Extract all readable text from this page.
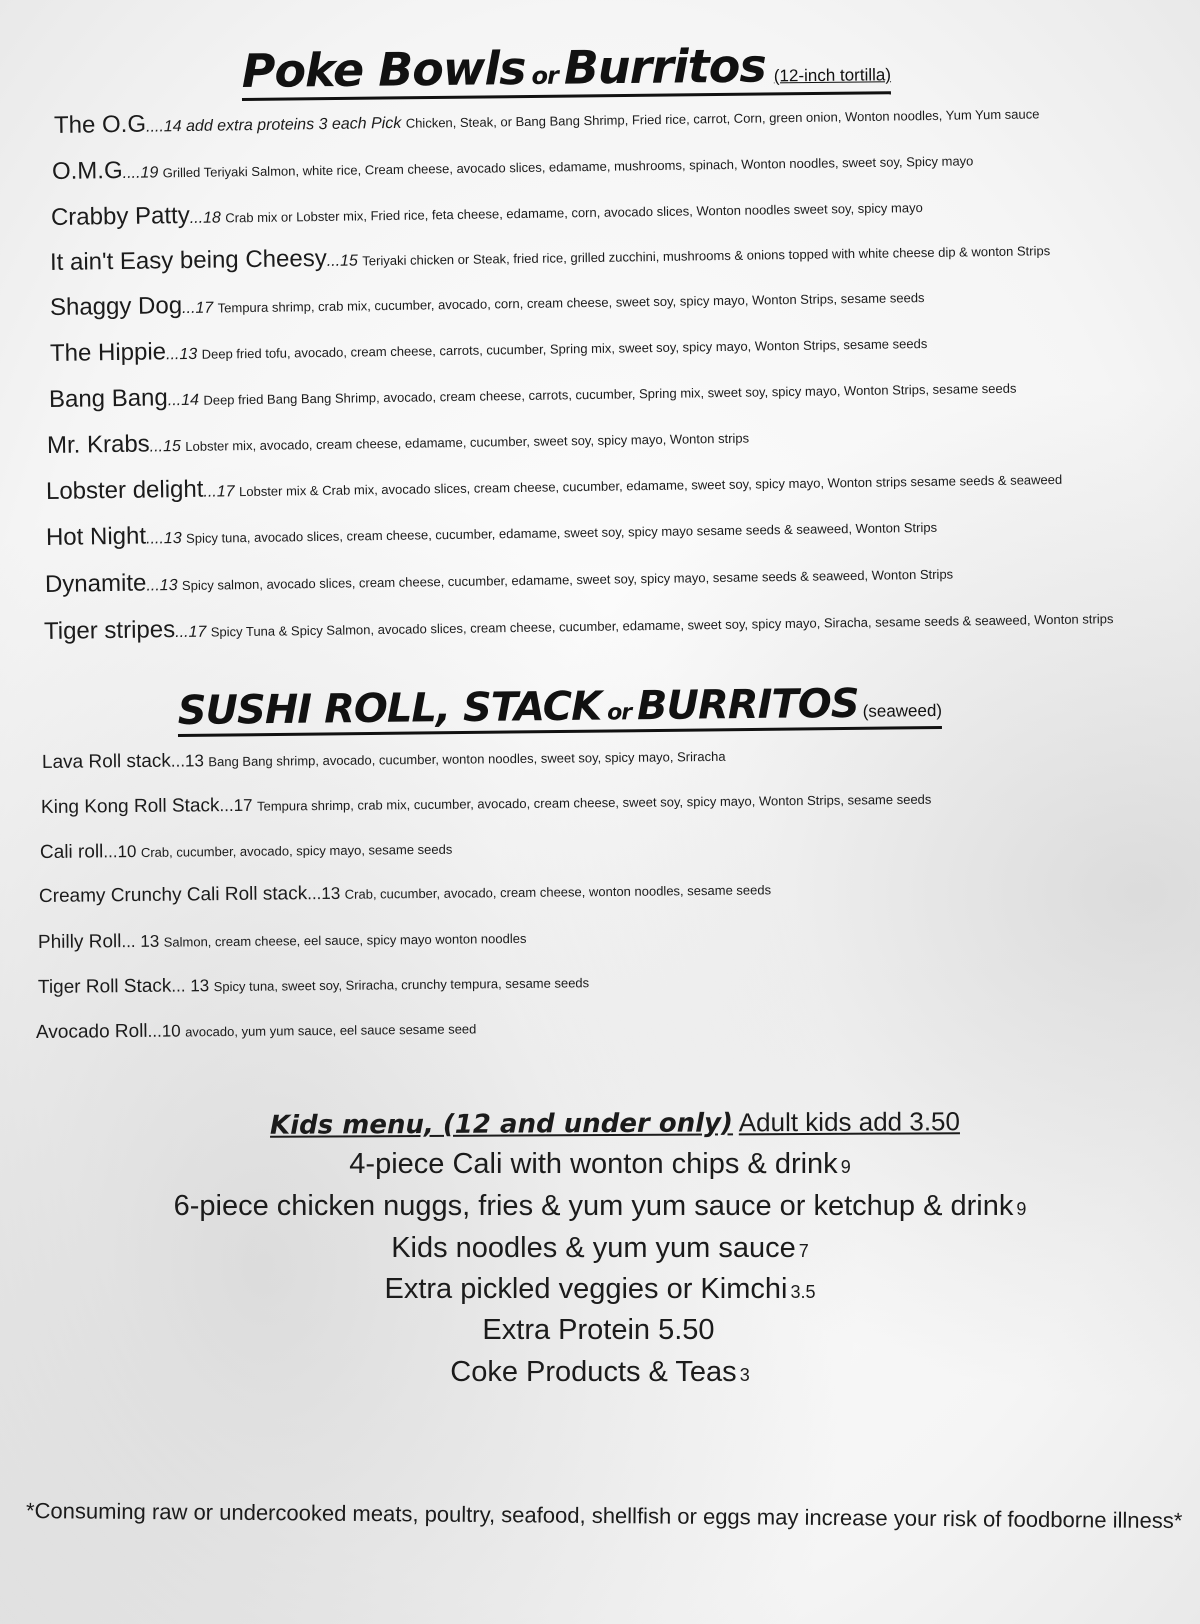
Poke Bowls or Burritos (12-inch tortilla)
The O.G....14 add extra proteins 3 each Pick Chicken, Steak, or Bang Bang Shrimp, Fried rice, carrot, Corn, green onion, Wonton noodles, Yum Yum sauce
O.M.G....19 Grilled Teriyaki Salmon, white rice, Cream cheese, avocado slices, edamame, mushrooms, spinach, Wonton noodles, sweet soy, Spicy mayo
Crabby Patty...18 Crab mix or Lobster mix, Fried rice, feta cheese, edamame, corn, avocado slices, Wonton noodles sweet soy, spicy mayo
It ain't Easy being Cheesy...15 Teriyaki chicken or Steak, fried rice, grilled zucchini, mushrooms & onions topped with white cheese dip & wonton Strips
Shaggy Dog...17 Tempura shrimp, crab mix, cucumber, avocado, corn, cream cheese, sweet soy, spicy mayo, Wonton Strips, sesame seeds
The Hippie...13 Deep fried tofu, avocado, cream cheese, carrots, cucumber, Spring mix, sweet soy, spicy mayo, Wonton Strips, sesame seeds
Bang Bang...14 Deep fried Bang Bang Shrimp, avocado, cream cheese, carrots, cucumber, Spring mix, sweet soy, spicy mayo, Wonton Strips, sesame seeds
Mr. Krabs...15 Lobster mix, avocado, cream cheese, edamame, cucumber, sweet soy, spicy mayo, Wonton strips
Lobster delight...17 Lobster mix & Crab mix, avocado slices, cream cheese, cucumber, edamame, sweet soy, spicy mayo, Wonton strips sesame seeds & seaweed
Hot Night....13 Spicy tuna, avocado slices, cream cheese, cucumber, edamame, sweet soy, spicy mayo sesame seeds & seaweed, Wonton Strips
Dynamite...13 Spicy salmon, avocado slices, cream cheese, cucumber, edamame, sweet soy, spicy mayo, sesame seeds & seaweed, Wonton Strips
Tiger stripes...17 Spicy Tuna & Spicy Salmon, avocado slices, cream cheese, cucumber, edamame, sweet soy, spicy mayo, Siracha, sesame seeds & seaweed, Wonton strips
SUSHI ROLL, STACK or BURRITOS (seaweed)
Lava Roll stack...13 Bang Bang shrimp, avocado, cucumber, wonton noodles, sweet soy, spicy mayo, Sriracha
King Kong Roll Stack...17 Tempura shrimp, crab mix, cucumber, avocado, cream cheese, sweet soy, spicy mayo, Wonton Strips, sesame seeds
Cali roll...10 Crab, cucumber, avocado, spicy mayo, sesame seeds
Creamy Crunchy Cali Roll stack...13 Crab, cucumber, avocado, cream cheese, wonton noodles, sesame seeds
Philly Roll... 13 Salmon, cream cheese, eel sauce, spicy mayo wonton noodles
Tiger Roll Stack... 13 Spicy tuna, sweet soy, Sriracha, crunchy tempura, sesame seeds
Avocado Roll...10 avocado, yum yum sauce, eel sauce sesame seed
Kids menu, (12 and under only) Adult kids add 3.50
4-piece Cali with wonton chips & drink 9
6-piece chicken nuggs, fries & yum yum sauce or ketchup & drink 9
Kids noodles & yum yum sauce 7
Extra pickled veggies or Kimchi 3.5
Extra Protein 5.50
Coke Products & Teas 3
*Consuming raw or undercooked meats, poultry, seafood, shellfish or eggs may increase your risk of foodborne illness*
